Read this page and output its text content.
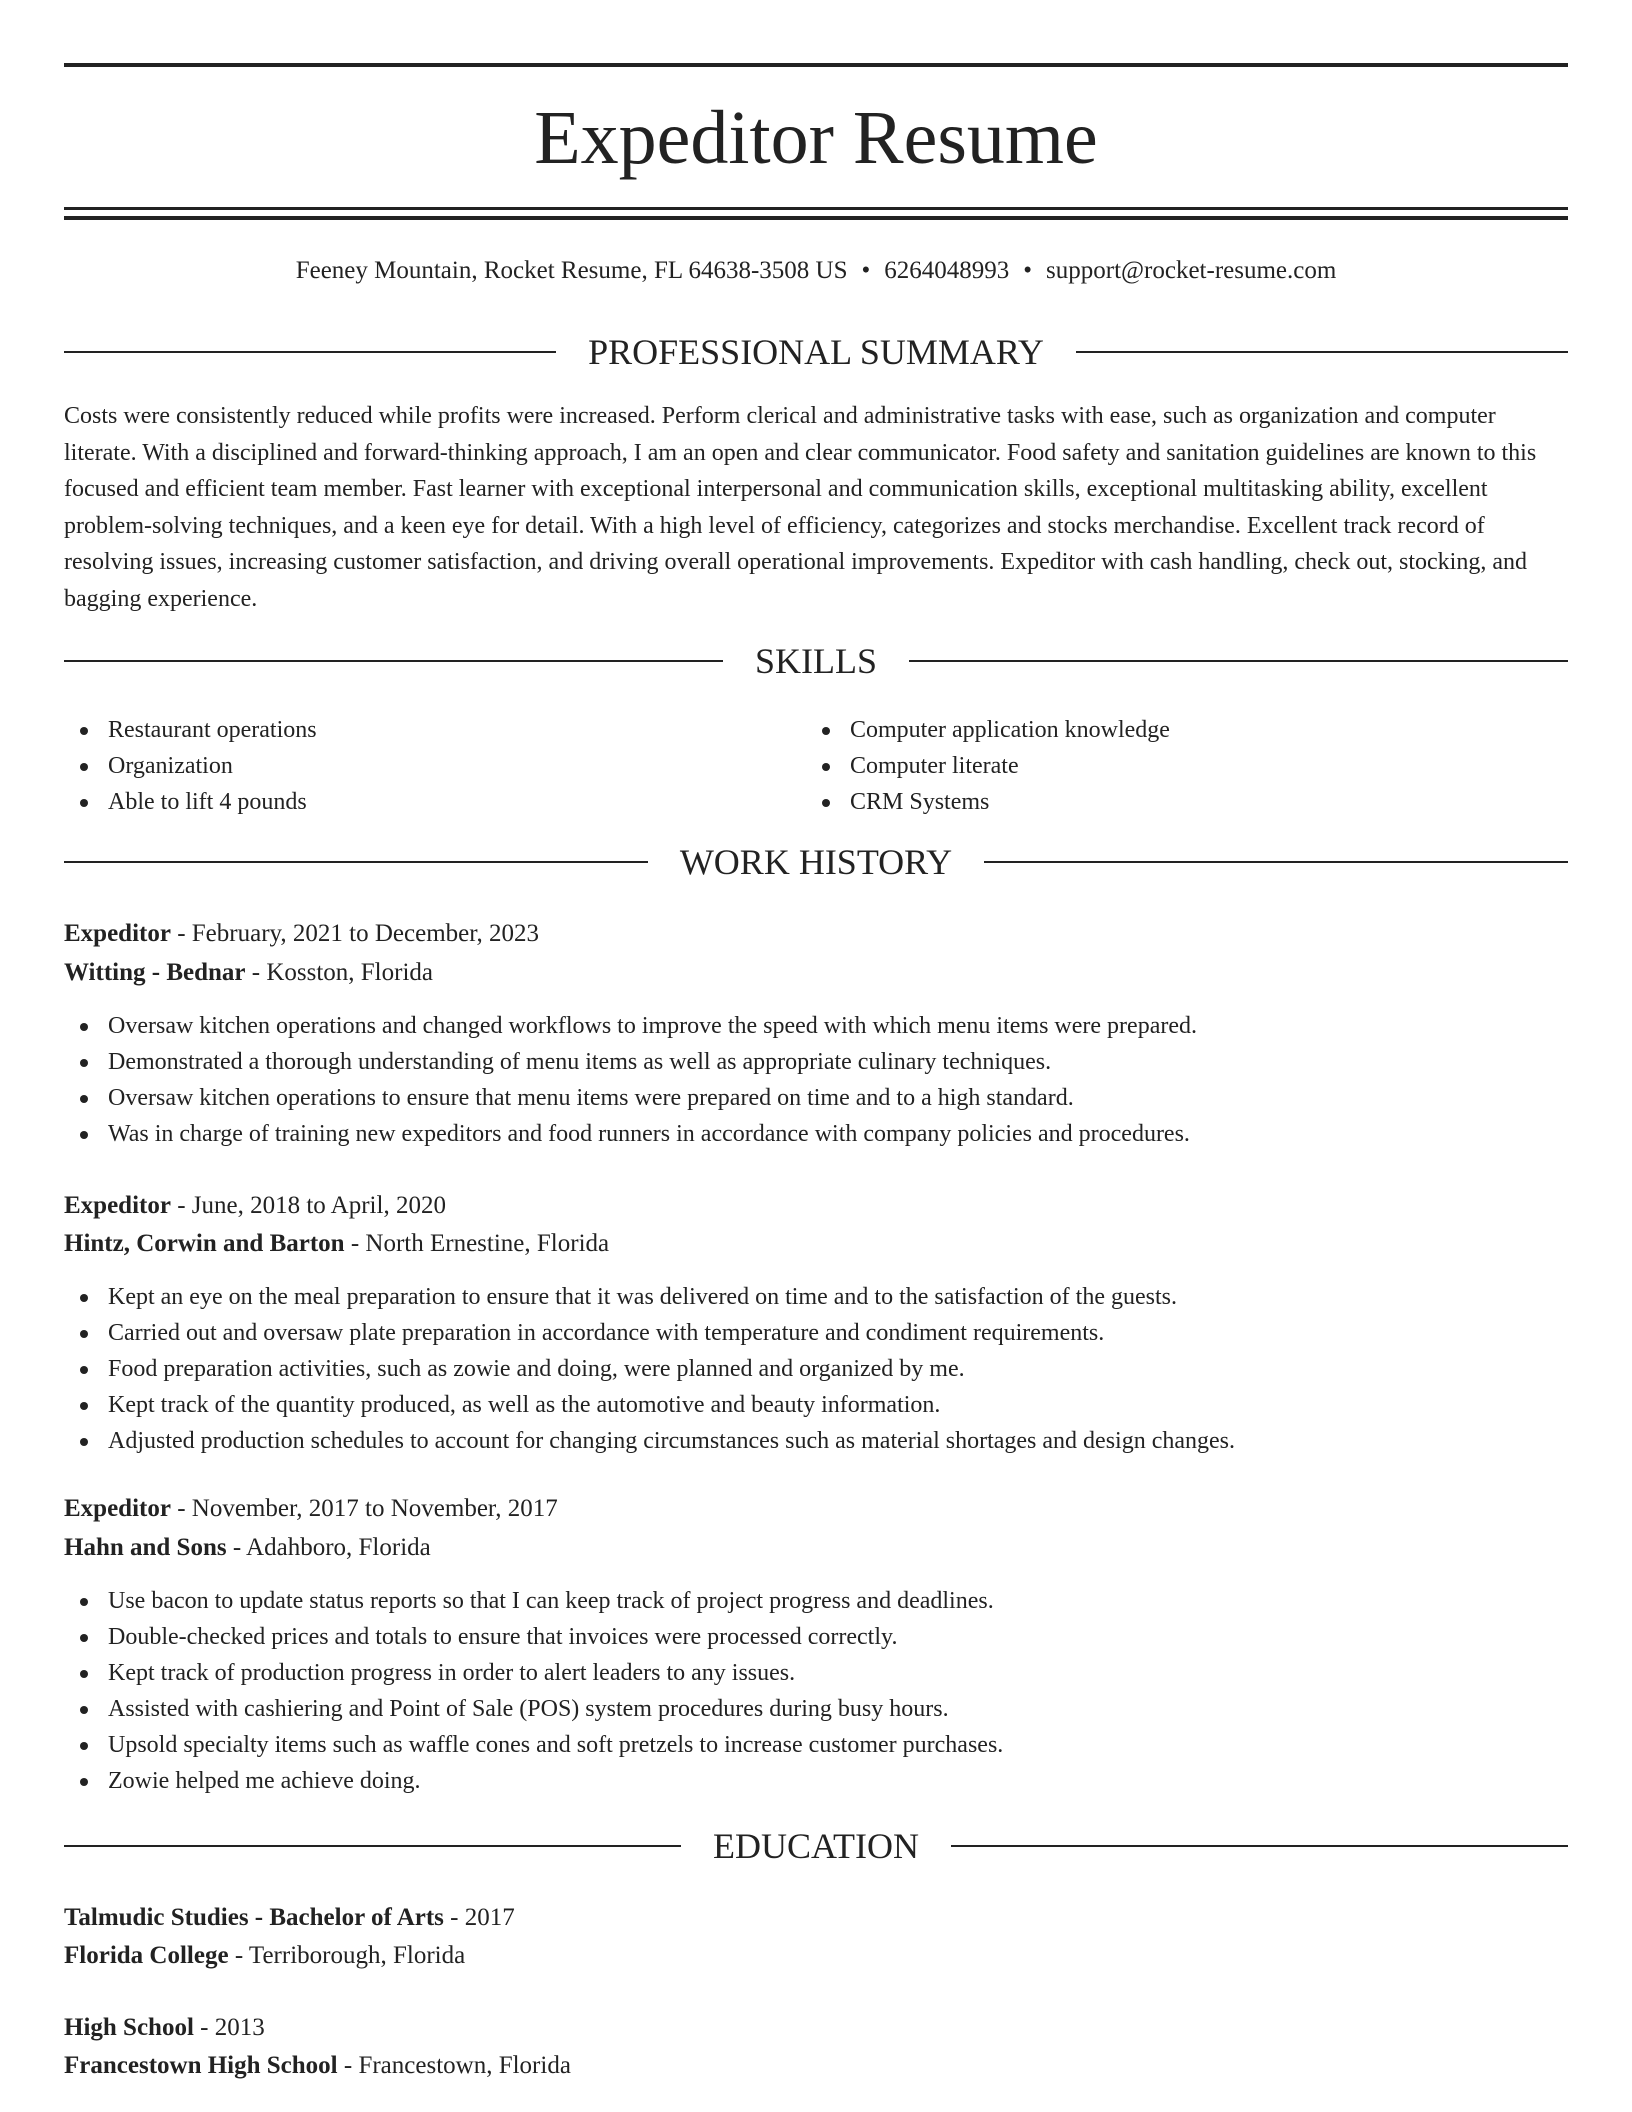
Expeditor Resume
Feeney Mountain, Rocket Resume, FL 64638-3508 US • 6264048993 • support@rocket-resume.com
PROFESSIONAL SUMMARY
Costs were consistently reduced while profits were increased. Perform clerical and administrative tasks with ease, such as organization and computer literate. With a disciplined and forward-thinking approach, I am an open and clear communicator. Food safety and sanitation guidelines are known to this focused and efficient team member. Fast learner with exceptional interpersonal and communication skills, exceptional multitasking ability, excellent problem-solving techniques, and a keen eye for detail. With a high level of efficiency, categorizes and stocks merchandise. Excellent track record of resolving issues, increasing customer satisfaction, and driving overall operational improvements. Expeditor with cash handling, check out, stocking, and bagging experience.
SKILLS
Restaurant operations
Organization
Able to lift 4 pounds
Computer application knowledge
Computer literate
CRM Systems
WORK HISTORY
Expeditor - February, 2021 to December, 2023
Witting - Bednar - Kosston, Florida
Oversaw kitchen operations and changed workflows to improve the speed with which menu items were prepared.
Demonstrated a thorough understanding of menu items as well as appropriate culinary techniques.
Oversaw kitchen operations to ensure that menu items were prepared on time and to a high standard.
Was in charge of training new expeditors and food runners in accordance with company policies and procedures.
Expeditor - June, 2018 to April, 2020
Hintz, Corwin and Barton - North Ernestine, Florida
Kept an eye on the meal preparation to ensure that it was delivered on time and to the satisfaction of the guests.
Carried out and oversaw plate preparation in accordance with temperature and condiment requirements.
Food preparation activities, such as zowie and doing, were planned and organized by me.
Kept track of the quantity produced, as well as the automotive and beauty information.
Adjusted production schedules to account for changing circumstances such as material shortages and design changes.
Expeditor - November, 2017 to November, 2017
Hahn and Sons - Adahboro, Florida
Use bacon to update status reports so that I can keep track of project progress and deadlines.
Double-checked prices and totals to ensure that invoices were processed correctly.
Kept track of production progress in order to alert leaders to any issues.
Assisted with cashiering and Point of Sale (POS) system procedures during busy hours.
Upsold specialty items such as waffle cones and soft pretzels to increase customer purchases.
Zowie helped me achieve doing.
EDUCATION
Talmudic Studies - Bachelor of Arts - 2017
Florida College - Terriborough, Florida
High School - 2013
Francestown High School - Francestown, Florida
